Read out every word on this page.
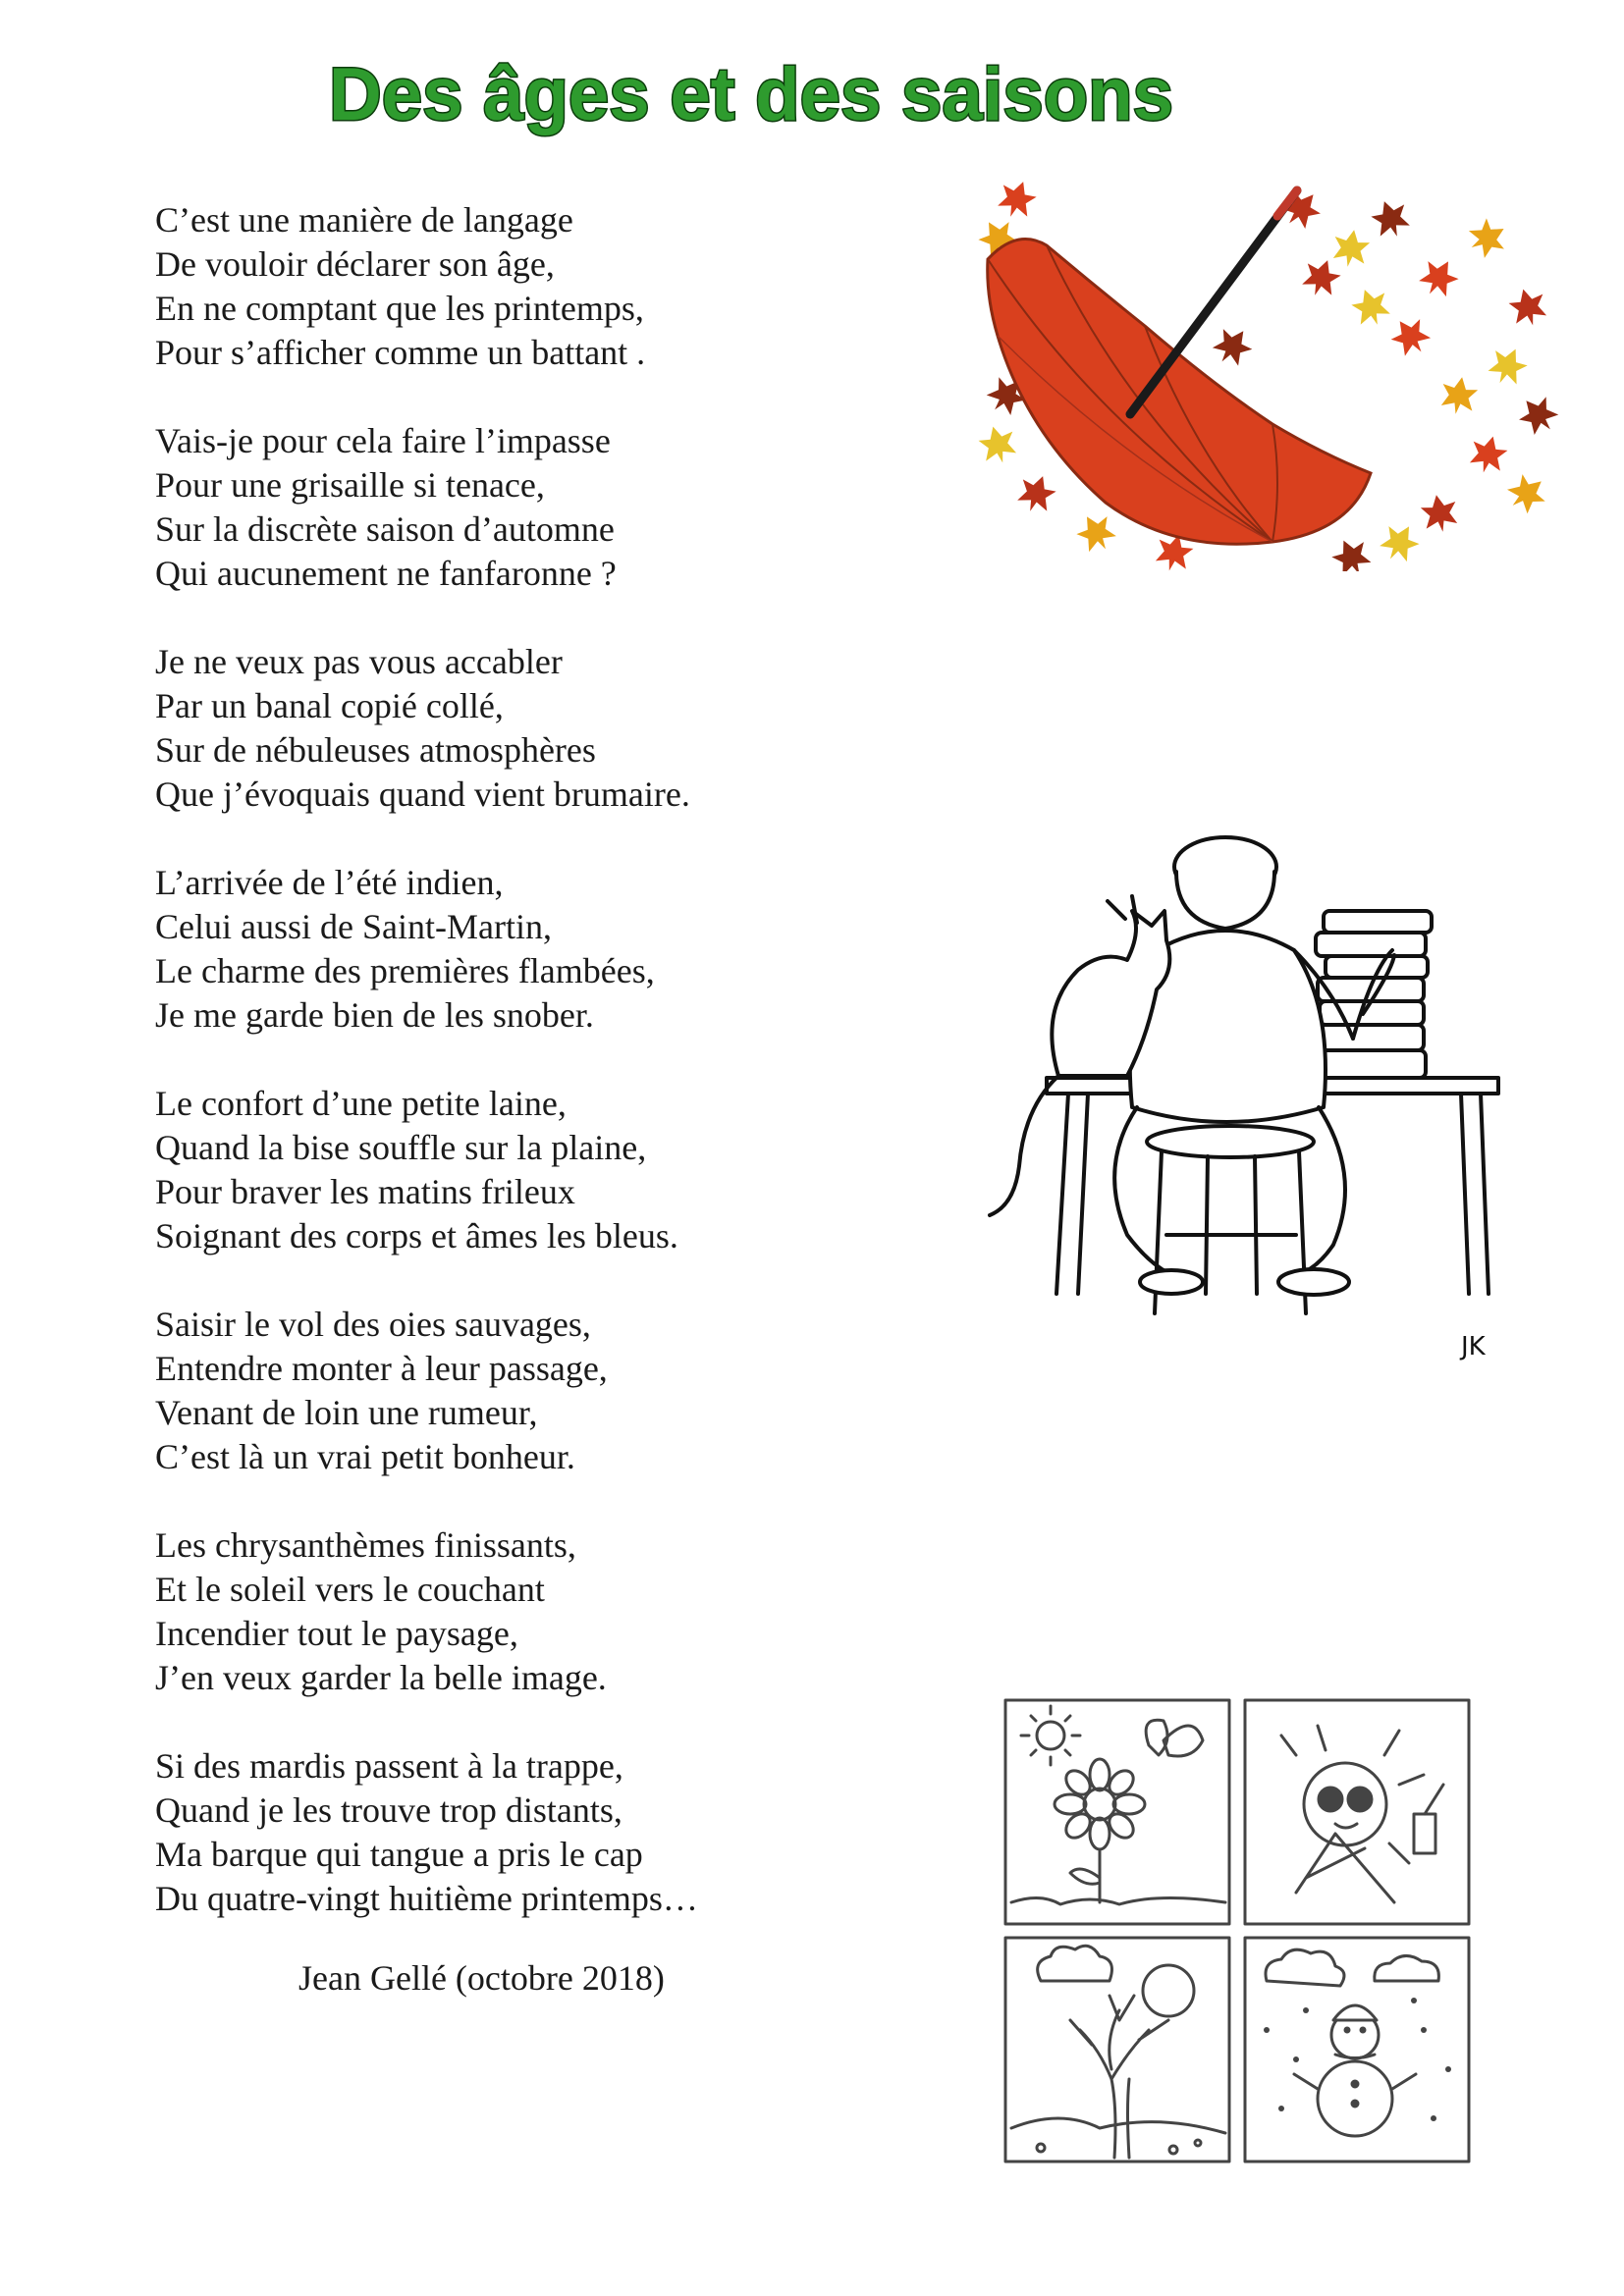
Des âges et des saisons
C’est une manière de langage
De vouloir déclarer son âge,
En ne comptant que les printemps,
Pour s’afficher comme un battant .
Vais-je pour cela faire l’impasse
Pour une grisaille si tenace,
Sur la discrète saison d’automne
Qui aucunement ne fanfaronne ?
Je ne veux pas vous accabler
Par un banal copié collé,
Sur de nébuleuses atmosphères
Que j’évoquais quand vient brumaire.
L’arrivée de l’été indien,
Celui aussi de Saint-Martin,
Le charme des premières flambées,
Je me garde bien de les snober.
Le confort d’une petite laine,
Quand la bise souffle sur la plaine,
Pour braver les matins frileux
Soignant des corps et âmes les bleus.
Saisir le vol des oies sauvages,
Entendre monter à leur passage,
Venant de loin une rumeur,
C’est là un vrai petit bonheur.
Les chrysanthèmes finissants,
Et le soleil vers le couchant
Incendier tout le paysage,
J’en veux garder la belle image.
Si des mardis passent à la trappe,
Quand je les trouve trop distants,
Ma barque qui tangue a pris le cap
Du quatre-vingt huitième printemps…
Jean Gellé (octobre 2018)
JK
